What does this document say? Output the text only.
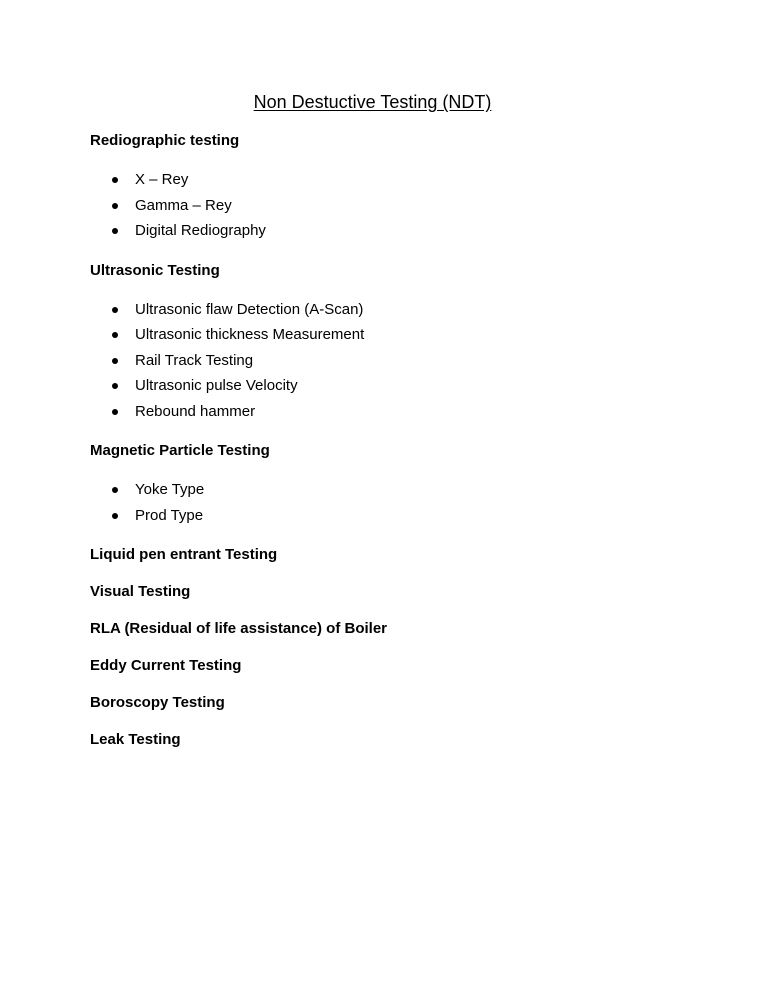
Non Destuctive Testing (NDT)
Rediographic testing
X – Rey
Gamma – Rey
Digital Rediography
Ultrasonic Testing
Ultrasonic flaw Detection (A-Scan)
Ultrasonic thickness Measurement
Rail Track Testing
Ultrasonic pulse Velocity
Rebound hammer
Magnetic Particle Testing
Yoke Type
Prod Type
Liquid pen entrant Testing
Visual Testing
RLA (Residual of life assistance) of Boiler
Eddy Current Testing
Boroscopy Testing
Leak Testing
